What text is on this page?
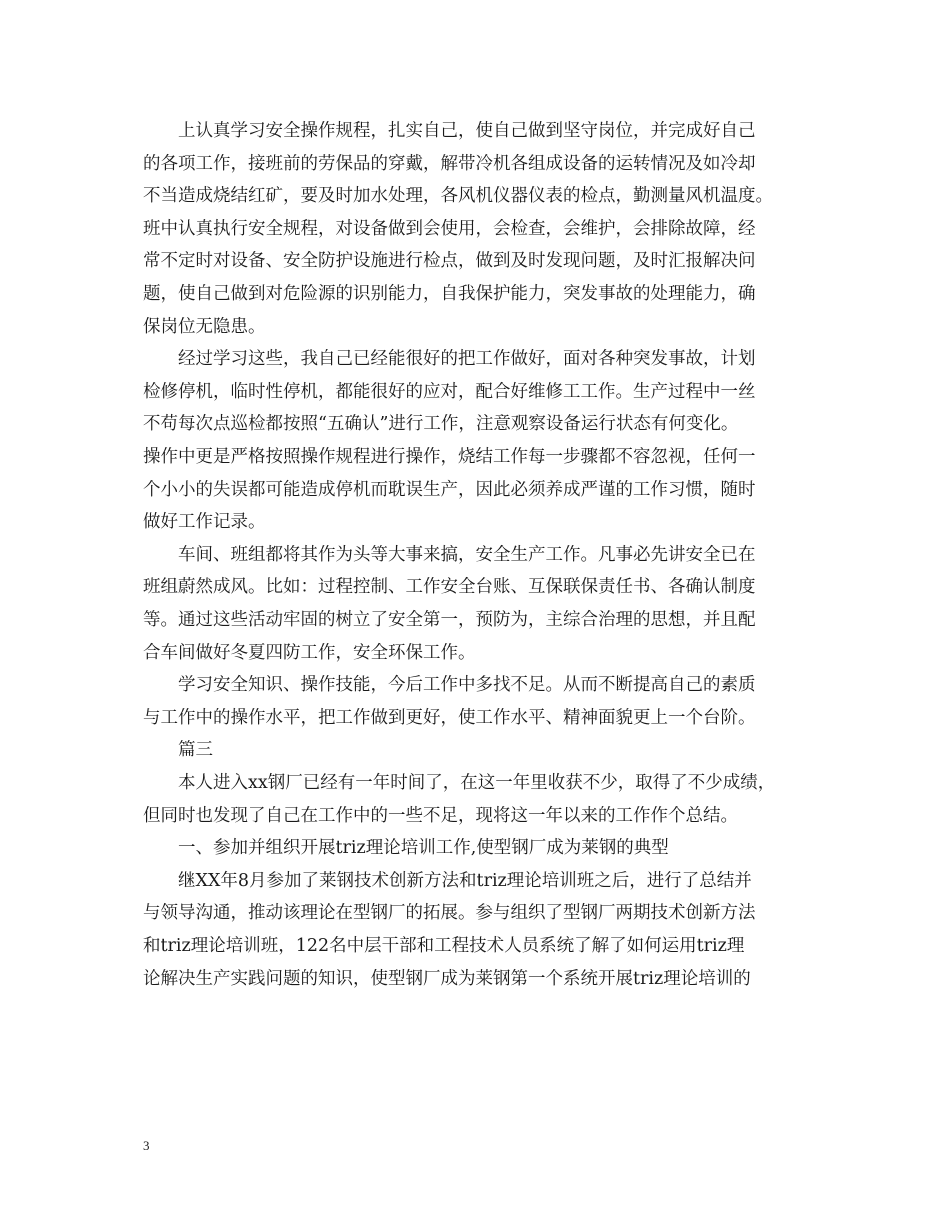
上认真学习安全操作规程，扎实自己，使自己做到坚守岗位，并完成好自己
的各项工作，接班前的劳保品的穿戴，解带冷机各组成设备的运转情况及如冷却
不当造成烧结红矿，要及时加水处理，各风机仪器仪表的检点，勤测量风机温度。
班中认真执行安全规程，对设备做到会使用，会检查，会维护，会排除故障，经
常不定时对设备、安全防护设施进行检点，做到及时发现问题，及时汇报解决问
题，使自己做到对危险源的识别能力，自我保护能力，突发事故的处理能力，确
保岗位无隐患。
经过学习这些，我自己已经能很好的把工作做好，面对各种突发事故，计划
检修停机，临时性停机，都能很好的应对，配合好维修工工作。生产过程中一丝
不苟每次点巡检都按照“五确认”进行工作，注意观察设备运行状态有何变化。
操作中更是严格按照操作规程进行操作，烧结工作每一步骤都不容忽视，任何一
个小小的失误都可能造成停机而耽误生产，因此必须养成严谨的工作习惯，随时
做好工作记录。
车间、班组都将其作为头等大事来搞，安全生产工作。凡事必先讲安全已在
班组蔚然成风。比如：过程控制、工作安全台账、互保联保责任书、各确认制度
等。通过这些活动牢固的树立了安全第一，预防为，主综合治理的思想，并且配
合车间做好冬夏四防工作，安全环保工作。
学习安全知识、操作技能，今后工作中多找不足。从而不断提高自己的素质
与工作中的操作水平，把工作做到更好，使工作水平、精神面貌更上一个台阶。
篇三
本人进入xx钢厂已经有一年时间了，在这一年里收获不少，取得了不少成绩，
但同时也发现了自己在工作中的一些不足，现将这一年以来的工作作个总结。
一、参加并组织开展triz理论培训工作,使型钢厂成为莱钢的典型
继XX年8月参加了莱钢技术创新方法和triz理论培训班之后，进行了总结并
与领导沟通，推动该理论在型钢厂的拓展。参与组织了型钢厂两期技术创新方法
和triz理论培训班，122名中层干部和工程技术人员系统了解了如何运用triz理
论解决生产实践问题的知识，使型钢厂成为莱钢第一个系统开展triz理论培训的
3
